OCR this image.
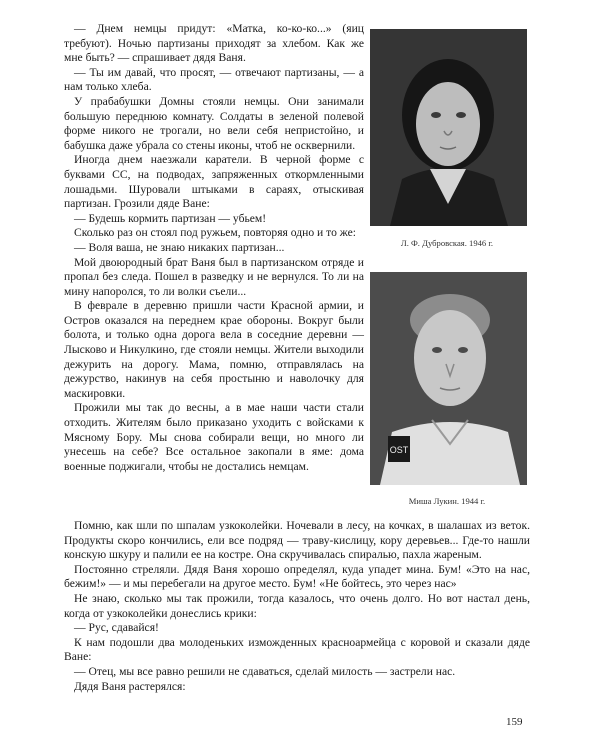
— Днем немцы придут: «Матка, ко-ко-ко...» (яиц требуют). Ночью партизаны приходят за хлебом. Как же мне быть? — спрашивает дядя Ваня.

— Ты им давай, что просят, — отвечают партизаны, — а нам только хлеба.

У прабабушки Домны стояли немцы. Они занимали большую переднюю комнату. Солдаты в зеленой полевой форме никого не трогали, но вели себя непристойно, и бабушка даже убрала со стены иконы, чтоб не осквернили.

Иногда днем наезжали каратели. В черной форме с буквами СС, на подводах, запряженных откормленными лошадьми. Шуровали штыками в сараях, отыскивая партизан. Грозили дяде Ване:

— Будешь кормить партизан — убьем!

Сколько раз он стоял под ружьем, повторяя одно и то же:

— Воля ваша, не знаю никаких партизан...

Мой двоюродный брат Ваня был в партизанском отряде и пропал без следа. Пошел в разведку и не вернулся. То ли на мину напоролся, то ли волки съели...

В феврале в деревню пришли части Красной армии, и Остров оказался на переднем крае обороны. Вокруг были болота, и только одна дорога вела в соседние деревни — Лысково и Никулкино, где стояли немцы. Жители выходили дежурить на дорогу. Мама, помню, отправлялась на дежурство, накинув на себя простыню и наволочку для маскировки.

Прожили мы так до весны, а в мае наши части стали отходить. Жителям было приказано уходить с войсками к Мясному Бору. Мы снова собирали вещи, но много ли унесешь на себе? Все остальное закопали в яме: дома военные поджигали, чтобы не достались немцам.

Л. Ф. Дубровская. 1946 г.
OST
Миша Лукин. 1944 г.

Помню, как шли по шпалам узкоколейки. Ночевали в лесу, на кочках, в шалашах из веток. Продукты скоро кончились, ели все подряд — траву-кислицу, кору деревьев... Где-то нашли конскую шкуру и палили ее на костре. Она скручивалась спиралью, пахла жареным.

Постоянно стреляли. Дядя Ваня хорошо определял, куда упадет мина. Бум! «Это на нас, бежим!» — и мы перебегали на другое место. Бум! «Не бойтесь, это через нас»

Не знаю, сколько мы так прожили, тогда казалось, что очень долго. Но вот настал день, когда от узкоколейки донеслись крики:

— Рус, сдавайся!

К нам подошли два молоденьких изможденных красноармейца с коровой и сказали дяде Ване:

— Отец, мы все равно решили не сдаваться, сделай милость — застрели нас.

Дядя Ваня растерялся:

159
